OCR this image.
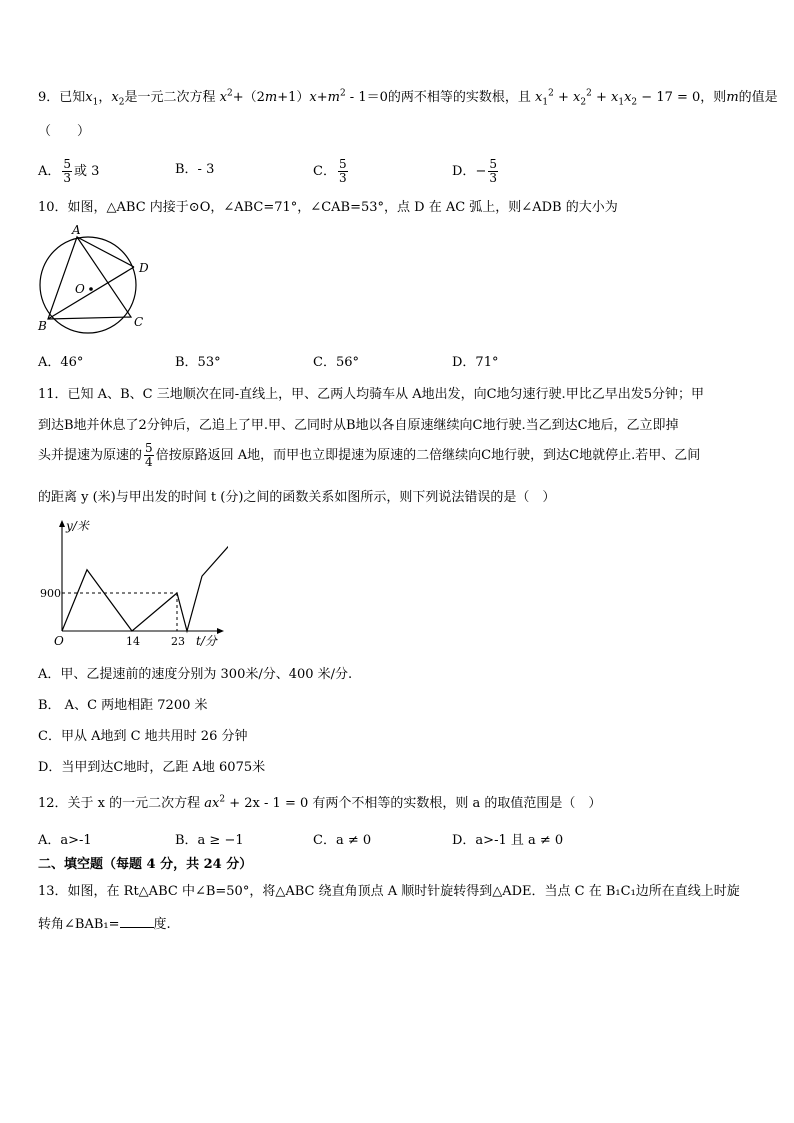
9．已知$x_1$，$x_2$是一元二次方程 $x^2+(2m+1)x+m^2 - 1=0$的两不相等的实数根，且 $x_1^2 + x_2^2 + x_1x_2 - 17 = 0$，则m的值是
（　　）
A． $\frac{5}{3}$ 或 3	B．- 3	C． $\frac{5}{3}$	D．− $\frac{5}{3}$
10．如图，△ABC 内接于⊙O，∠ABC=71°，∠CAB=53°，点 D 在 AC 弧上，则∠ADB 的大小为
A
D
O
B	C
A．46°	B．53°	C．56°	D．71°
11．已知 A、B、C 三地顺次在同-直线上，甲、乙两人均骑车从 A地出发，向C地匀速行驶.甲比乙早出发5分钟；甲
到达B地并休息了2分钟后，乙追上了甲.甲、乙同时从B地以各自原速继续向C地行驶.当乙到达C地后，乙立即掉
头并提速为原速的 $\frac{5}{4}$ 倍按原路返回 A地，而甲也立即提速为原速的二倍继续向C地行驶，到达C地就停止.若甲、乙间
的距离 y (米)与甲出发的时间 t (分)之间的函数关系如图所示，则下列说法错误的是（　）
y/米
t/分
O
900
14	23
A．甲、乙提速前的速度分别为 300米/分、400 米/分.
B． A、C 两地相距 7200 米
C．甲从 A地到 C 地共用时 26 分钟
D．当甲到达C地时，乙距 A地 6075米
12．关于 x 的一元二次方程 $ax^2 + 2x - 1 = 0$ 有两个不相等的实数根，则 a 的取值范围是（　）
A．a>-1	B．a ≥ −1	C．a ≠ 0	D．a>-1 且 a ≠ 0
二、填空题（每题 4 分，共 24 分）
13．如图，在 Rt△ABC 中∠B=50°，将△ABC 绕直角顶点 A 顺时针旋转得到△ADE．当点 C 在 B₁C₁边所在直线上时旋
转角∠BAB₁=	度.
